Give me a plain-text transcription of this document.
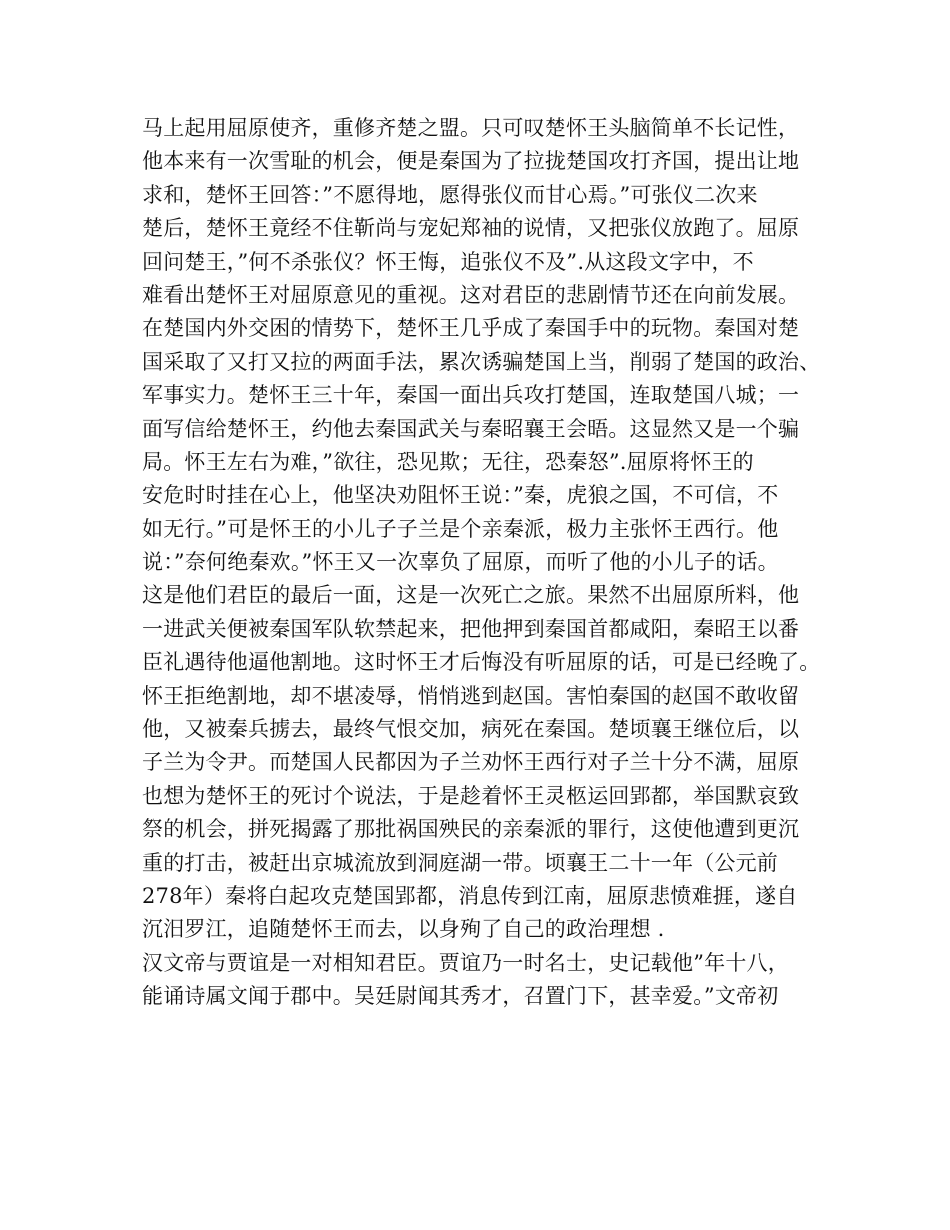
马上起用屈原使齐，重修齐楚之盟。只可叹楚怀王头脑简单不长记性，
他本来有一次雪耻的机会，便是秦国为了拉拢楚国攻打齐国，提出让地
求和，楚怀王回答：”不愿得地，愿得张仪而甘心焉。”可张仪二次来
楚后，楚怀王竟经不住靳尚与宠妃郑袖的说情，又把张仪放跑了。屈原
回问楚王，”何不杀张仪？怀王悔，追张仪不及”.从这段文字中，不
难看出楚怀王对屈原意见的重视。这对君臣的悲剧情节还在向前发展。
在楚国内外交困的情势下，楚怀王几乎成了秦国手中的玩物。秦国对楚
国采取了又打又拉的两面手法，累次诱骗楚国上当，削弱了楚国的政治、
军事实力。楚怀王三十年，秦国一面出兵攻打楚国，连取楚国八城；一
面写信给楚怀王，约他去秦国武关与秦昭襄王会晤。这显然又是一个骗
局。怀王左右为难，”欲往，恐见欺；无往，恐秦怒”.屈原将怀王的
安危时时挂在心上，他坚决劝阻怀王说：”秦，虎狼之国，不可信，不
如无行。”可是怀王的小儿子子兰是个亲秦派，极力主张怀王西行。他
说：”奈何绝秦欢。”怀王又一次辜负了屈原，而听了他的小儿子的话。
这是他们君臣的最后一面，这是一次死亡之旅。果然不出屈原所料，他
一进武关便被秦国军队软禁起来，把他押到秦国首都咸阳，秦昭王以番
臣礼遇待他逼他割地。这时怀王才后悔没有听屈原的话，可是已经晚了。
怀王拒绝割地，却不堪凌辱，悄悄逃到赵国。害怕秦国的赵国不敢收留
他，又被秦兵掳去，最终气恨交加，病死在秦国。楚顷襄王继位后，以
子兰为令尹。而楚国人民都因为子兰劝怀王西行对子兰十分不满，屈原
也想为楚怀王的死讨个说法，于是趁着怀王灵柩运回郢都，举国默哀致
祭的机会，拼死揭露了那批祸国殃民的亲秦派的罪行，这使他遭到更沉
重的打击，被赶出京城流放到洞庭湖一带。顷襄王二十一年（公元前
278年）秦将白起攻克楚国郢都，消息传到江南，屈原悲愤难捱，遂自
沉汨罗江，追随楚怀王而去，以身殉了自己的政治理想 .
汉文帝与贾谊是一对相知君臣。贾谊乃一时名士，史记载他”年十八，
能诵诗属文闻于郡中。吴廷尉闻其秀才，召置门下，甚幸爱。”文帝初
